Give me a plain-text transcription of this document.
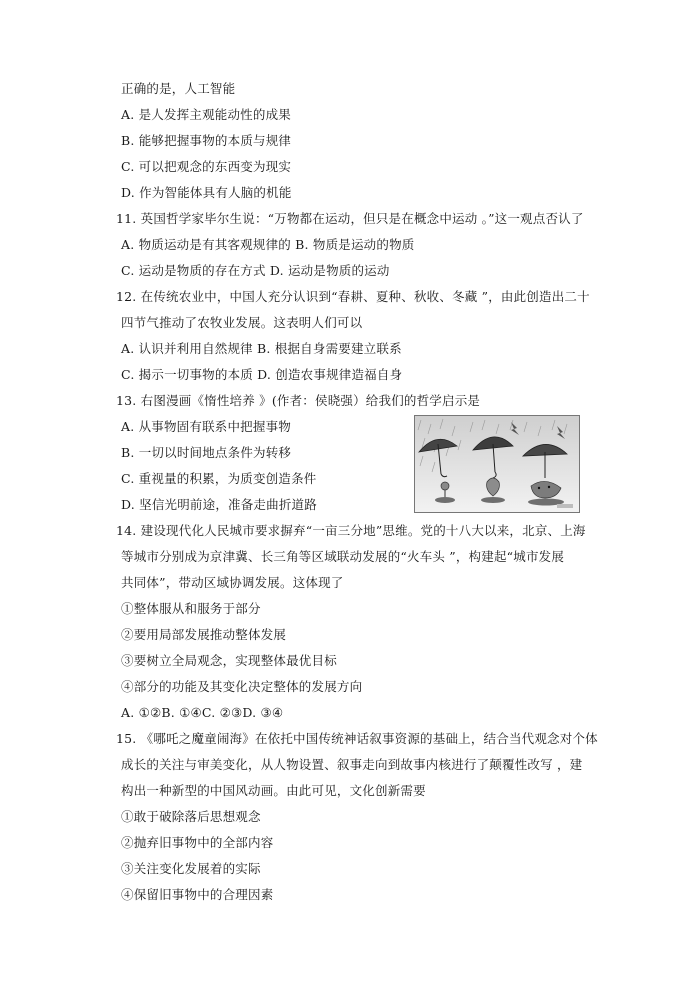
正确的是，人工智能
A. 是人发挥主观能动性的成果
B. 能够把握事物的本质与规律
C. 可以把观念的东西变为现实
D. 作为智能体具有人脑的机能
11. 英国哲学家毕尔生说：“万物都在运动，但只是在概念中运动 。”这一观点否认了
A. 物质运动是有其客观规律的 B. 物质是运动的物质
C. 运动是物质的存在方式 D. 运动是物质的运动
12. 在传统农业中，中国人充分认识到“春耕、夏种、秋收、冬藏 ”，由此创造出二十
四节气推动了农牧业发展。这表明人们可以
A. 认识并利用自然规律 B. 根据自身需要建立联系
C. 揭示一切事物的本质 D. 创造农事规律造福自身
13. 右图漫画《惰性培养 》(作者：侯晓强）给我们的哲学启示是
A. 从事物固有联系中把握事物
B. 一切以时间地点条件为转移
C. 重视量的积累，为质变创造条件
D. 坚信光明前途，准备走曲折道路
14. 建设现代化人民城市要求摒弃“一亩三分地”思维。党的十八大以来，北京、上海
等城市分别成为京津冀、长三角等区域联动发展的“火车头 ”，构建起“城市发展
共同体”，带动区域协调发展。这体现了
①整体服从和服务于部分
②要用局部发展推动整体发展
③要树立全局观念，实现整体最优目标
④部分的功能及其变化决定整体的发展方向
A. ①②B. ①④C. ②③D. ③④
15. 《哪吒之魔童闹海》在依托中国传统神话叙事资源的基础上，结合当代观念对个体
成长的关注与审美变化，从人物设置、叙事走向到故事内核进行了颠覆性改写 ，建
构出一种新型的中国风动画。由此可见，文化创新需要
①敢于破除落后思想观念
②抛弃旧事物中的全部内容
③关注变化发展着的实际
④保留旧事物中的合理因素
